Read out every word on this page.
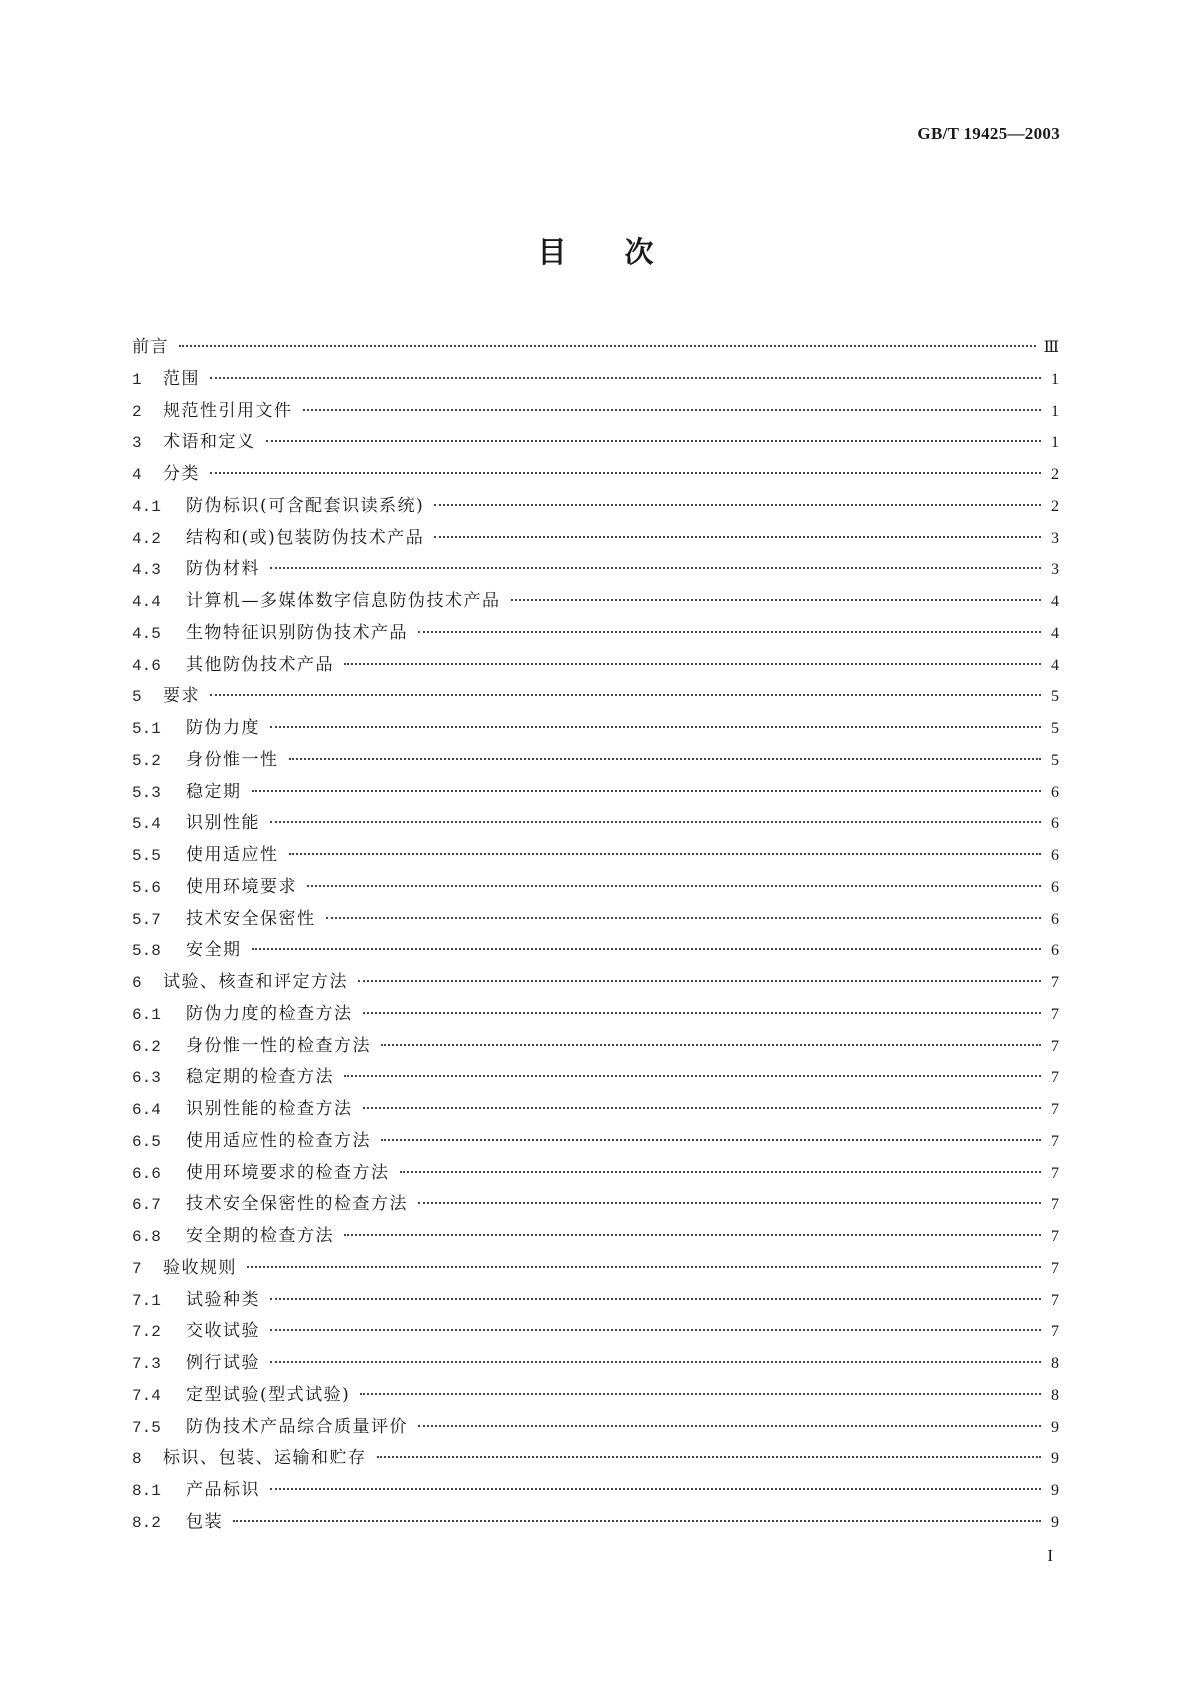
GB/T 19425—2003
目次
前言	Ⅲ
1	范围	1
2	规范性引用文件	1
3	术语和定义	1
4	分类	2
4.1	防伪标识(可含配套识读系统)	2
4.2	结构和(或)包装防伪技术产品	3
4.3	防伪材料	3
4.4	计算机—多媒体数字信息防伪技术产品	4
4.5	生物特征识别防伪技术产品	4
4.6	其他防伪技术产品	4
5	要求	5
5.1	防伪力度	5
5.2	身份惟一性	5
5.3	稳定期	6
5.4	识别性能	6
5.5	使用适应性	6
5.6	使用环境要求	6
5.7	技术安全保密性	6
5.8	安全期	6
6	试验、核查和评定方法	7
6.1	防伪力度的检查方法	7
6.2	身份惟一性的检查方法	7
6.3	稳定期的检查方法	7
6.4	识别性能的检查方法	7
6.5	使用适应性的检查方法	7
6.6	使用环境要求的检查方法	7
6.7	技术安全保密性的检查方法	7
6.8	安全期的检查方法	7
7	验收规则	7
7.1	试验种类	7
7.2	交收试验	7
7.3	例行试验	8
7.4	定型试验(型式试验)	8
7.5	防伪技术产品综合质量评价	9
8	标识、包装、运输和贮存	9
8.1	产品标识	9
8.2	包装	9
I
